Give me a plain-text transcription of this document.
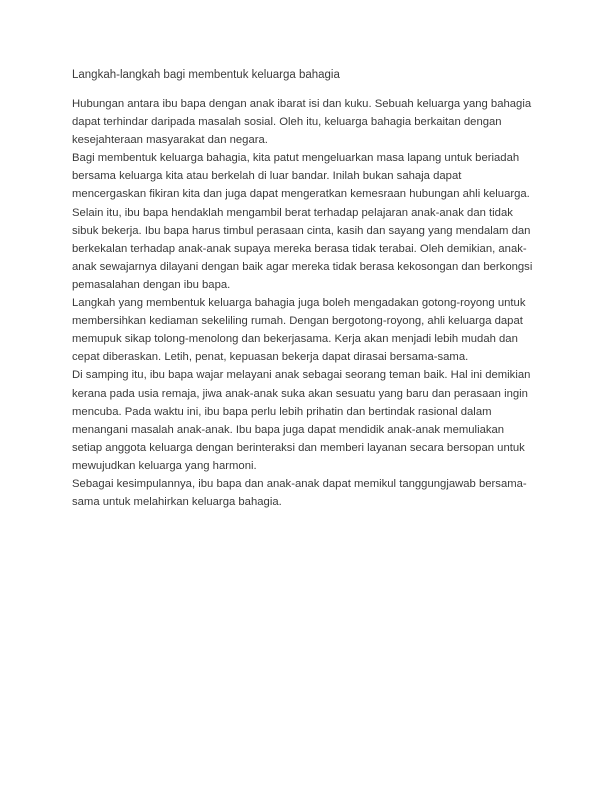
Langkah-langkah bagi membentuk keluarga bahagia
Hubungan antara ibu bapa dengan anak ibarat isi dan kuku. Sebuah keluarga yang bahagia
dapat terhindar daripada masalah sosial. Oleh itu, keluarga bahagia berkaitan dengan
kesejahteraan masyarakat dan negara.
Bagi membentuk keluarga bahagia, kita patut mengeluarkan masa lapang untuk beriadah
bersama keluarga kita atau berkelah di luar bandar. Inilah bukan sahaja dapat
mencergaskan fikiran kita dan juga dapat mengeratkan kemesraan hubungan ahli keluarga.
Selain itu, ibu bapa hendaklah mengambil berat terhadap pelajaran anak-anak dan tidak
sibuk bekerja. Ibu bapa harus timbul perasaan cinta, kasih dan sayang yang mendalam dan
berkekalan terhadap anak-anak supaya mereka berasa tidak terabai. Oleh demikian, anak-
anak sewajarnya dilayani dengan baik agar mereka tidak berasa kekosongan dan berkongsi
pemasalahan dengan ibu bapa.
Langkah yang membentuk keluarga bahagia juga boleh mengadakan gotong-royong untuk
membersihkan kediaman sekeliling rumah. Dengan bergotong-royong, ahli keluarga dapat
memupuk sikap tolong-menolong dan bekerjasama. Kerja akan menjadi lebih mudah dan
cepat diberaskan. Letih, penat, kepuasan bekerja dapat dirasai bersama-sama.
Di samping itu, ibu bapa wajar melayani anak sebagai seorang teman baik. Hal ini demikian
kerana pada usia remaja, jiwa anak-anak suka akan sesuatu yang baru dan perasaan ingin
mencuba. Pada waktu ini, ibu bapa perlu lebih prihatin dan bertindak rasional dalam
menangani masalah anak-anak. Ibu bapa juga dapat mendidik anak-anak memuliakan
setiap anggota keluarga dengan berinteraksi dan memberi layanan secara bersopan untuk
mewujudkan keluarga yang harmoni.
Sebagai kesimpulannya, ibu bapa dan anak-anak dapat memikul tanggungjawab bersama-
sama untuk melahirkan keluarga bahagia.
